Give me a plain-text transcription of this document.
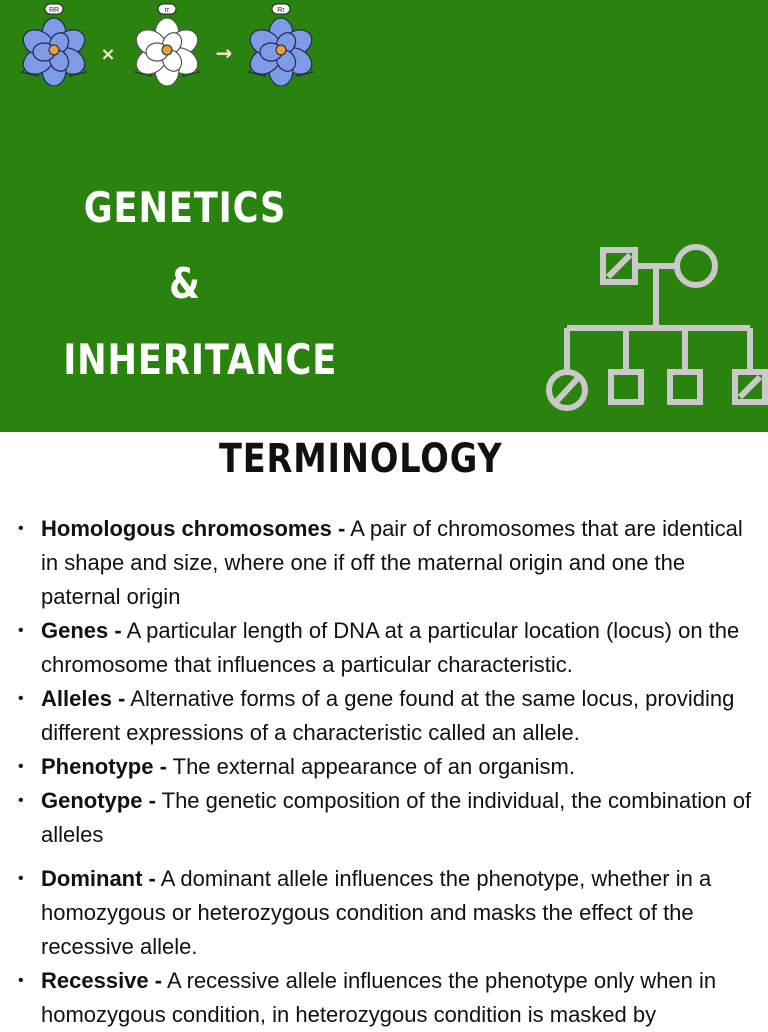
RR
×
rr
→
Rr
GENETICS
&
INHERITANCE
TERMINOLOGY
• Homologous chromosomes - A pair of chromosomes that are identical in shape and size, where one if off the maternal origin and one the paternal origin
• Genes - A particular length of DNA at a particular location (locus) on the chromosome that influences a particular characteristic.
• Alleles - Alternative forms of a gene found at the same locus, providing different expressions of a characteristic called an allele.
• Phenotype - The external appearance of an organism.
• Genotype - The genetic composition of the individual, the combination of alleles
• Dominant - A dominant allele influences the phenotype, whether in a homozygous or heterozygous condition and masks the effect of the recessive allele.
• Recessive - A recessive allele influences the phenotype only when in homozygous condition, in heterozygous condition is masked by
